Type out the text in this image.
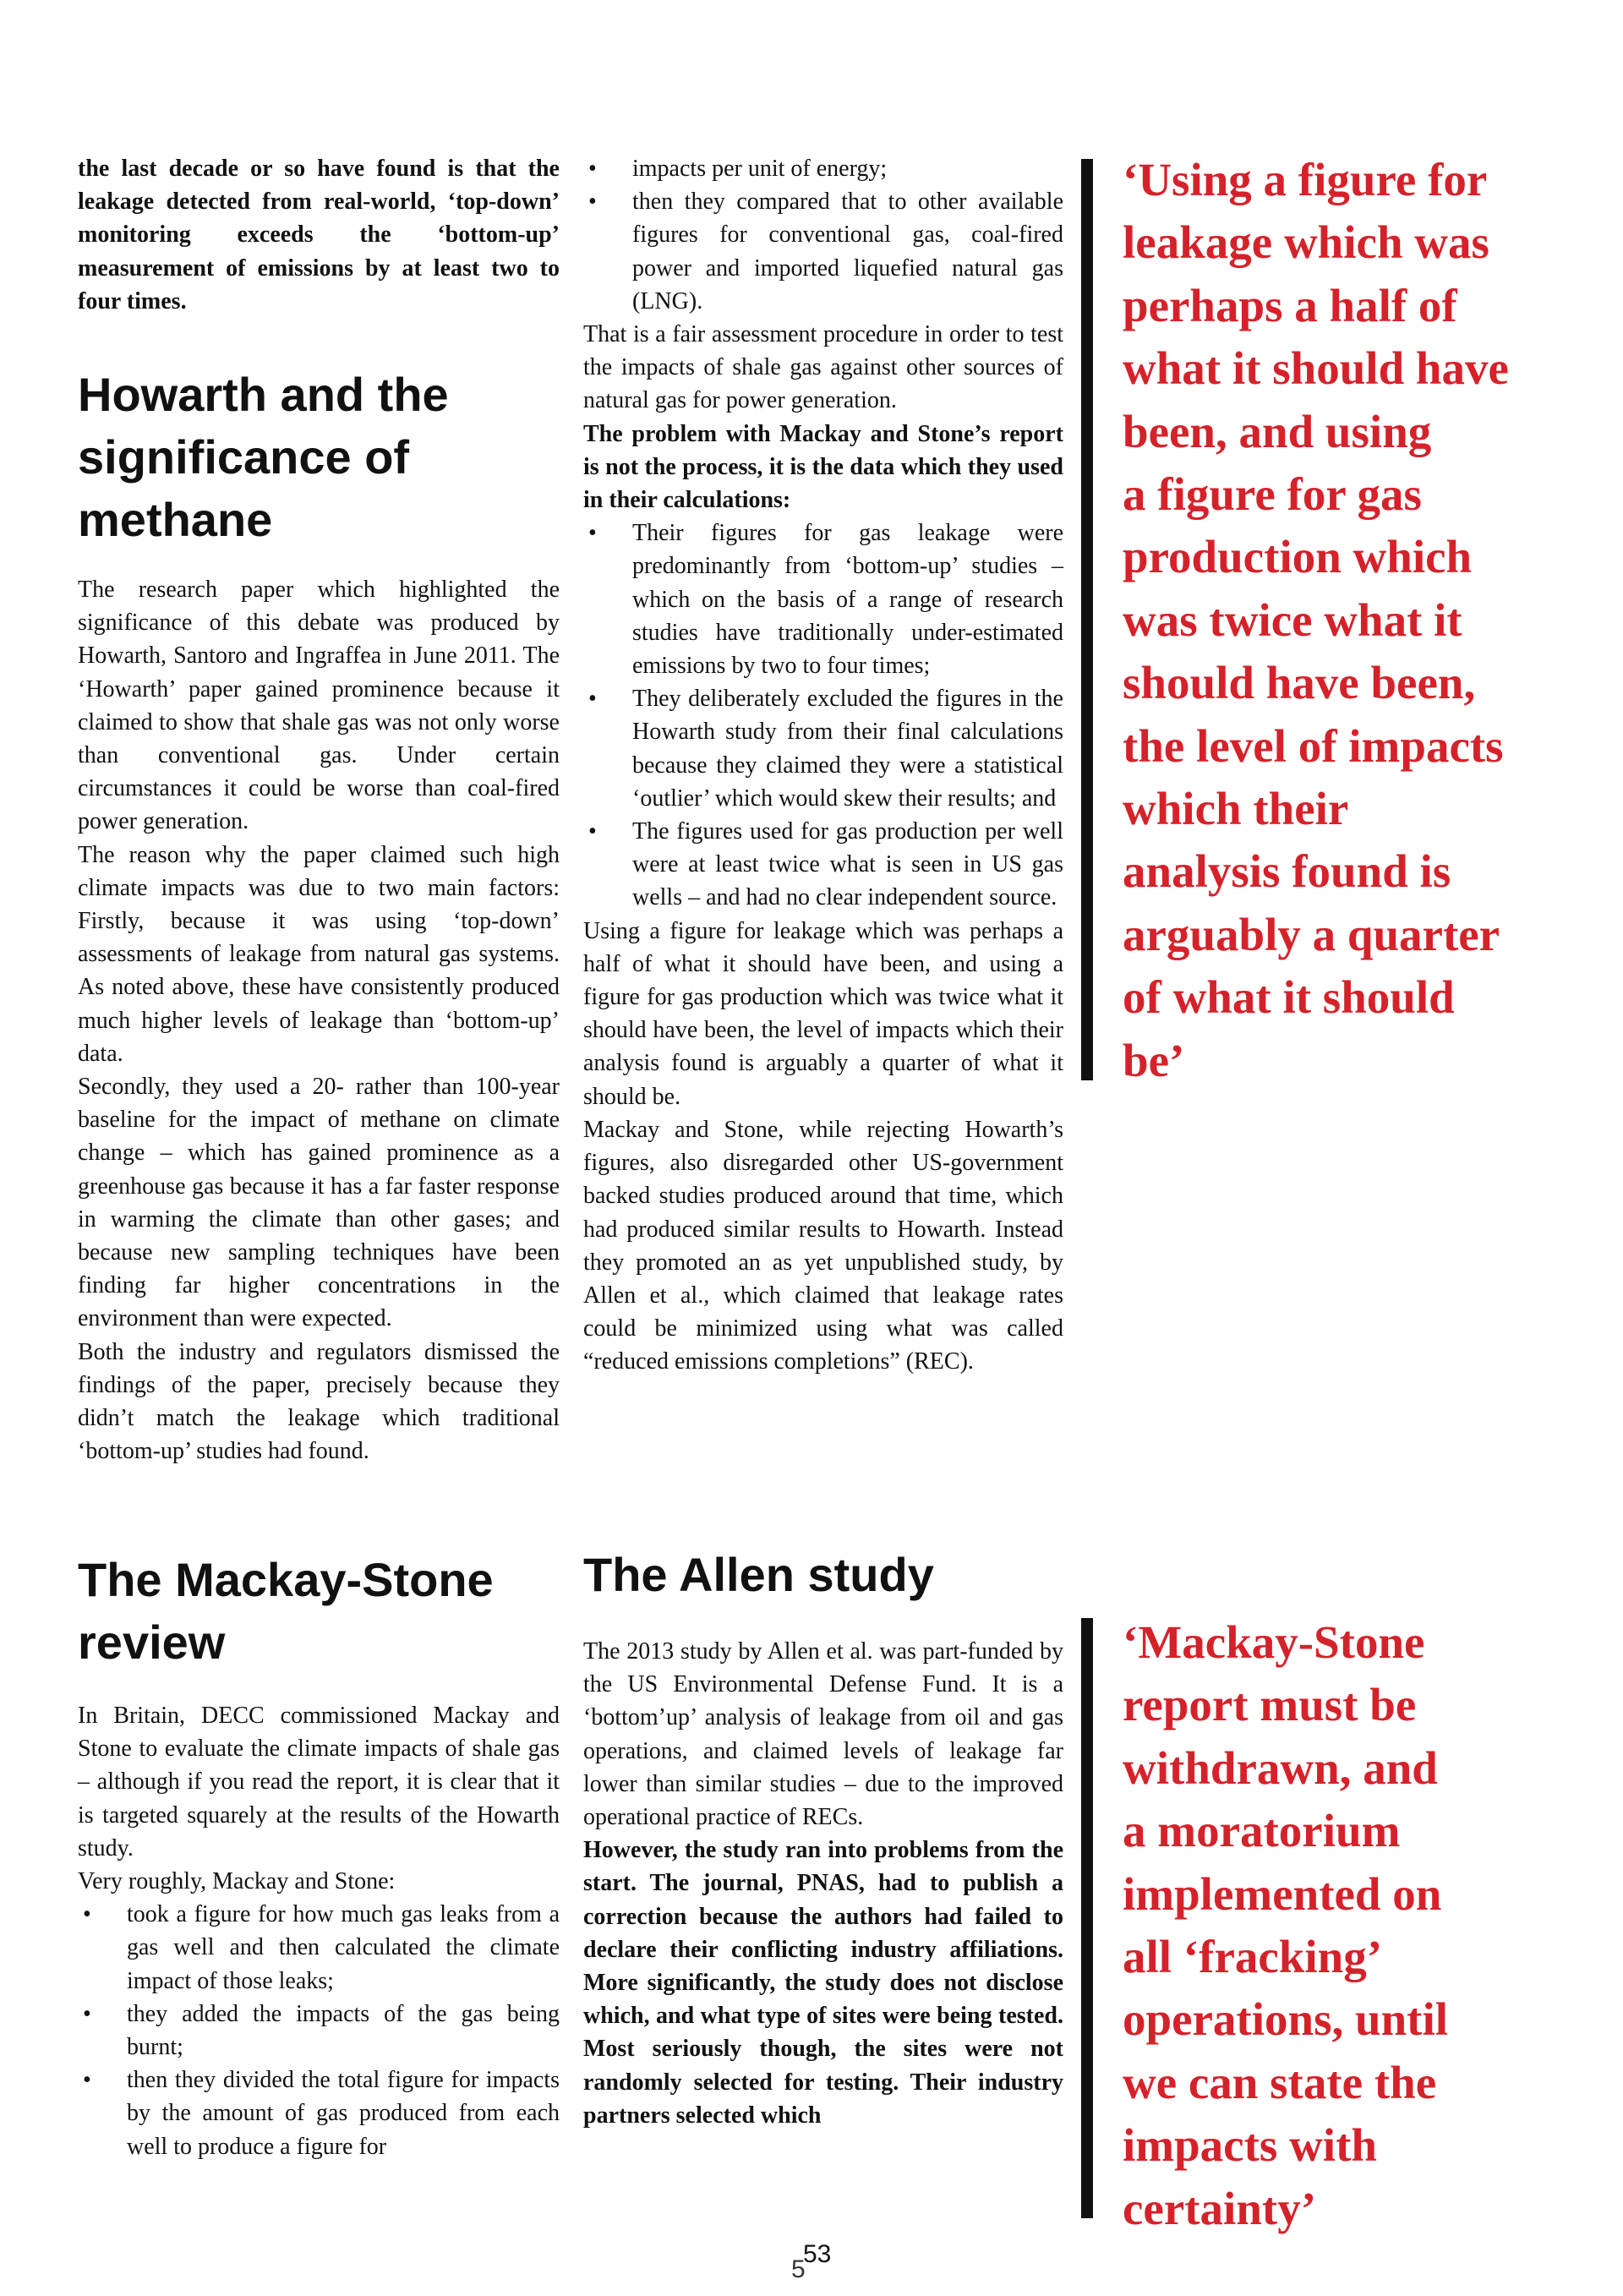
the last decade or so have found is that the leakage detected from real-world, ‘top-down’ monitoring exceeds the ‘bottom-up’ measurement of emissions by at least two to four times.

Howarth and the
significance of
methane

The research paper which highlighted the significance of this debate was produced by Howarth, Santoro and Ingraffea in June 2011. The ‘Howarth’ paper gained prominence because it claimed to show that shale gas was not only worse than conventional gas. Under certain circumstances it could be worse than coal-fired power generation.

The reason why the paper claimed such high climate impacts was due to two main factors: Firstly, because it was using ‘top-down’ assessments of leakage from natural gas systems. As noted above, these have consistently produced much higher levels of leakage than ‘bottom-up’ data.

Secondly, they used a 20- rather than 100-year baseline for the impact of methane on climate change – which has gained prominence as a greenhouse gas because it has a far faster response in warming the climate than other gases; and because new sampling techniques have been finding far higher concentrations in the environment than were expected.

Both the industry and regulators dismissed the findings of the paper, precisely because they didn’t match the leakage which traditional ‘bottom-up’ studies had found.

The Mackay-Stone
review

In Britain, DECC commissioned Mackay and Stone to evaluate the climate impacts of shale gas – although if you read the report, it is clear that it is targeted squarely at the results of the Howarth study.

Very roughly, Mackay and Stone:

• took a figure for how much gas leaks from a gas well and then calculated the climate impact of those leaks;
• they added the impacts of the gas being burnt;
• then they divided the total figure for impacts by the amount of gas produced from each well to produce a figure for
• impacts per unit of energy;
• then they compared that to other available figures for conventional gas, coal-fired power and imported liquefied natural gas (LNG).

That is a fair assessment procedure in order to test the impacts of shale gas against other sources of natural gas for power generation.

The problem with Mackay and Stone’s report is not the process, it is the data which they used in their calculations:

• Their figures for gas leakage were predominantly from ‘bottom-up’ studies – which on the basis of a range of research studies have traditionally under-estimated emissions by two to four times;
• They deliberately excluded the figures in the Howarth study from their final calculations because they claimed they were a statistical ‘outlier’ which would skew their results; and
• The figures used for gas production per well were at least twice what is seen in US gas wells – and had no clear independent source.

Using a figure for leakage which was perhaps a half of what it should have been, and using a figure for gas production which was twice what it should have been, the level of impacts which their analysis found is arguably a quarter of what it should be.

Mackay and Stone, while rejecting Howarth’s figures, also disregarded other US-government backed studies produced around that time, which had produced similar results to Howarth. Instead they promoted an as yet unpublished study, by Allen et al., which claimed that leakage rates could be minimized using what was called “reduced emissions completions” (REC).

The Allen study

The 2013 study by Allen et al. was part-funded by the US Environmental Defense Fund. It is a ‘bottom’up’ analysis of leakage from oil and gas operations, and claimed levels of leakage far lower than similar studies – due to the improved operational practice of RECs.

However, the study ran into problems from the start. The journal, PNAS, had to publish a correction because the authors had failed to declare their conflicting industry affiliations. More significantly, the study does not disclose which, and what type of sites were being tested. Most seriously though, the sites were not randomly selected for testing. Their industry partners selected which

‘Using a figure for
leakage which was
perhaps a half of
what it should have
been, and using
a figure for gas
production which
was twice what it
should have been,
the level of impacts
which their
analysis found is
arguably a quarter
of what it should
be’
‘Mackay-Stone
report must be
withdrawn, and
a moratorium
implemented on
all ‘fracking’
operations, until
we can state the
impacts with
certainty’
5
53
